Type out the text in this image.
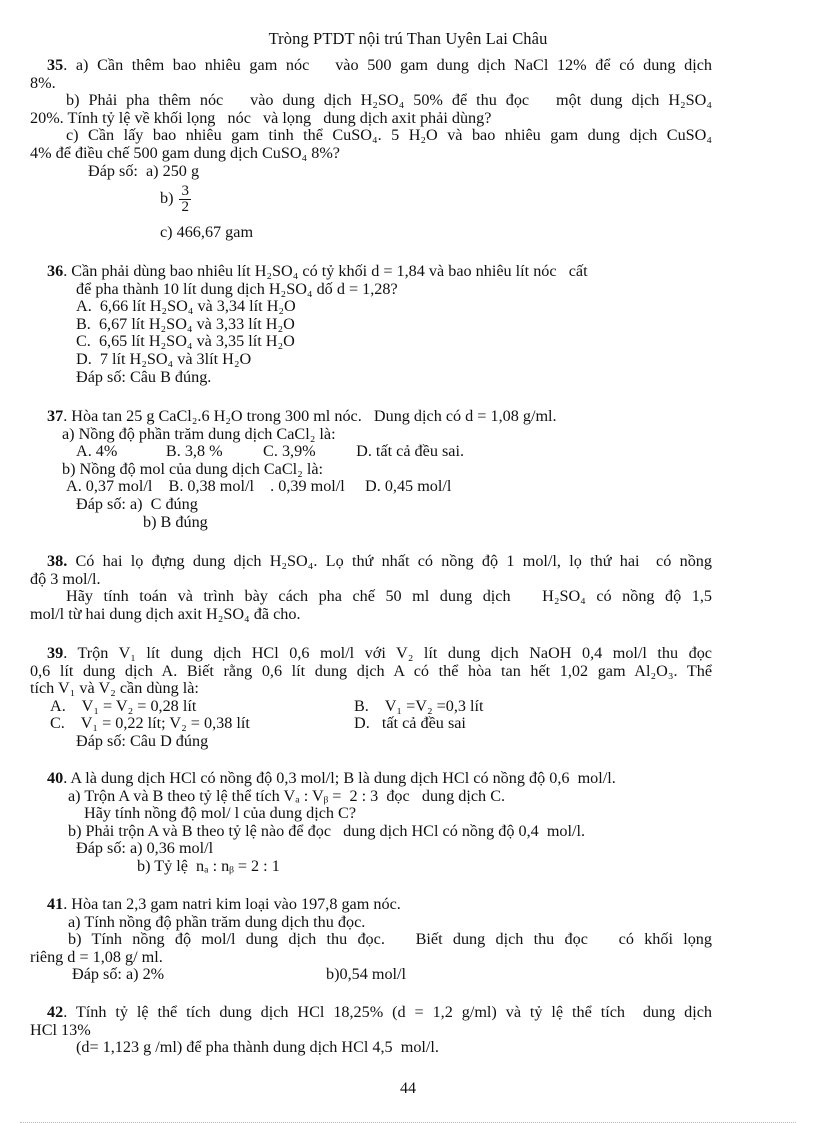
Tròng PTDT nội trú Than Uyên Lai Châu
35. a) Cần thêm bao nhiêu gam nóc   vào 500 gam dung dịch NaCl 12% để có dung dịch
8%.
b) Phải pha thêm nóc   vào dung dịch H₂SO₄ 50% để thu đọc   một dung dịch H₂SO₄
20%. Tính tỷ lệ về khối lọng   nóc   và lọng   dung dịch axit phải dùng?
c) Cần lấy bao nhiêu gam tinh thể CuSO₄. 5 H₂O và bao nhiêu gam dung dịch CuSO₄
4% để điều chế 500 gam dung dịch CuSO₄ 8%?
Đáp số:  a) 250 g
$b) \frac{3}{2}$
c) 466,67 gam
36. Cần phải dùng bao nhiêu lít H₂SO₄ có tỷ khối d = 1,84 và bao nhiêu lít nóc   cất
để pha thành 10 lít dung dịch H₂SO₄ dố d = 1,28?
A.  6,66 lít H₂SO₄ và 3,34 lít H₂O
B.  6,67 lít H₂SO₄ và 3,33 lít H₂O
C.  6,65 lít H₂SO₄ và 3,35 lít H₂O
D.  7 lít H₂SO₄ và 3lít H₂O
Đáp số: Câu B đúng.
37. Hòa tan 25 g CaCl₂.6 H₂O trong 300 ml nóc.   Dung dịch có d = 1,08 g/ml.
a) Nồng độ phần trăm dung dịch CaCl₂ là:
A. 4%            B. 3,8 %          C. 3,9%          D. tất cả đều sai.
b) Nồng độ mol của dung dịch CaCl₂ là:
A. 0,37 mol/l    B. 0,38 mol/l    . 0,39 mol/l     D. 0,45 mol/l
Đáp số: a)  C đúng
b) B đúng
38. Có hai lọ đựng dung dịch H₂SO₄. Lọ thứ nhất có nồng độ 1 mol/l, lọ thứ hai  có nồng
độ 3 mol/l.
Hãy tính toán và trình bày cách pha chế 50 ml dung dịch   H₂SO₄ có nồng độ 1,5
mol/l từ hai dung dịch axit H₂SO₄ đã cho.
39. Trộn V₁ lít dung dịch HCl 0,6 mol/l với V₂ lít dung dịch NaOH 0,4 mol/l thu đọc
0,6 lít dung dịch A. Biết rằng 0,6 lít dung dịch A có thể hòa tan hết 1,02 gam Al₂O₃. Thể
tích V₁ và V₂ cần dùng là:
A.    V₁ = V₂ = 0,28 lít	B.    V₁ =V₂ =0,3 lít
C.    V₁ = 0,22 lít; V₂ = 0,38 lít	D.   tất cả đều sai
Đáp số: Câu D đúng
40. A là dung dịch HCl có nồng độ 0,3 mol/l; B là dung dịch HCl có nồng độ 0,6  mol/l.
a) Trộn A và B theo tỷ lệ thể tích Vₐ : Vᵦ =  2 : 3  đọc   dung dịch C.
Hãy tính nồng độ mol/ l của dung dịch C?
b) Phải trộn A và B theo tỷ lệ nào để đọc   dung dịch HCl có nồng độ 0,4  mol/l.
Đáp số: a) 0,36 mol/l
b) Tỷ lệ  nₐ : nᵦ = 2 : 1
41. Hòa tan 2,3 gam natri kim loại vào 197,8 gam nóc.
a) Tính nồng độ phần trăm dung dịch thu đọc.
b) Tính nồng độ mol/l dung dịch thu đọc.   Biết dung dịch thu đọc   có khối lọng
riêng d = 1,08 g/ ml.
Đáp số: a) 2%	b)0,54 mol/l
42. Tính tỷ lệ thể tích dung dịch HCl 18,25% (d = 1,2 g/ml) và tỷ lệ thể tích  dung dịch
HCl 13%
(d= 1,123 g /ml) để pha thành dung dịch HCl 4,5  mol/l.
44
